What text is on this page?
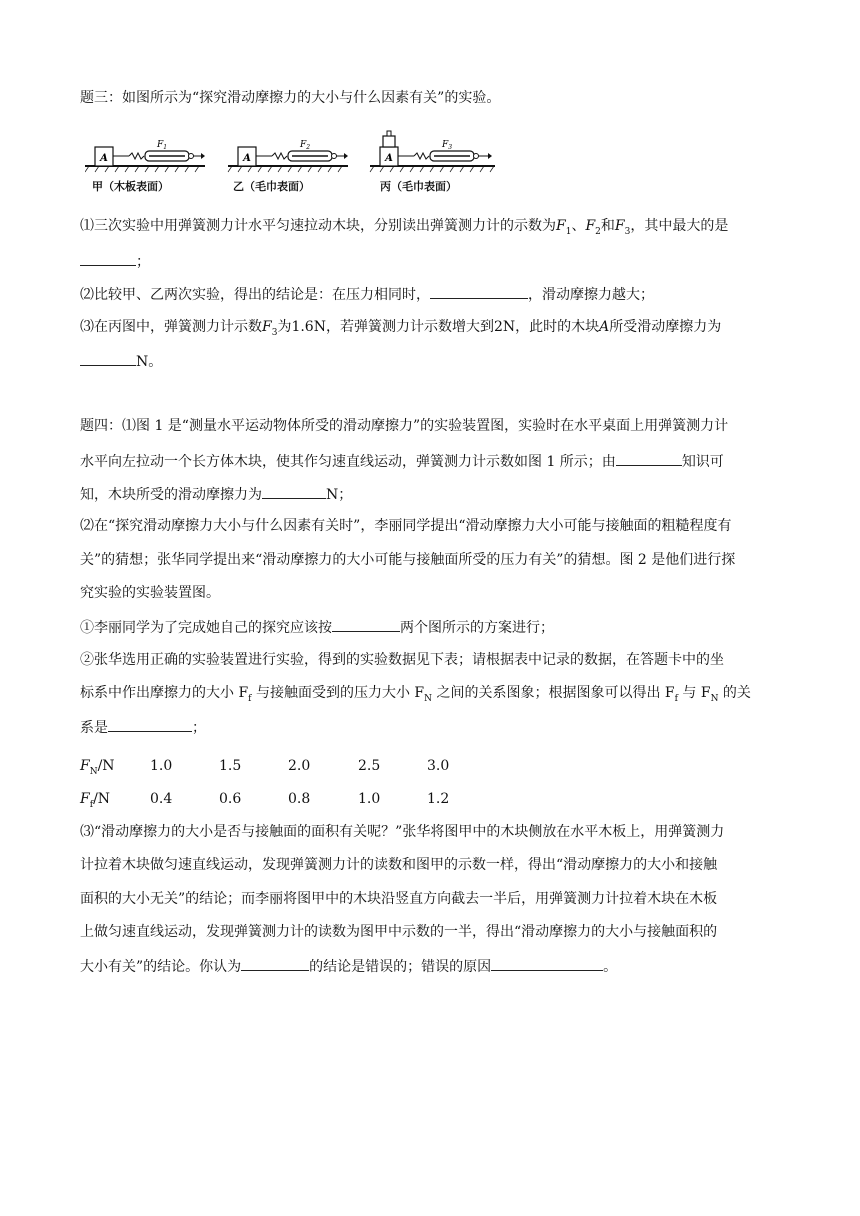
题三：如图所示为“探究滑动摩擦力的大小与什么因素有关”的实验。
A
$F_1$
A
$F_2$
A
$F_3$
甲（木板表面）	乙（毛巾表面）	丙（毛巾表面）
⑴三次实验中用弹簧测力计水平匀速拉动木块，分别读出弹簧测力计的示数为$F_1$、$F_2$和$F_3$，其中最大的是
；
⑵比较甲、乙两次实验，得出的结论是：在压力相同时，	，滑动摩擦力越大；
⑶在丙图中，弹簧测力计示数$F_3$为1.6N，若弹簧测力计示数增大到2N，此时的木块A所受滑动摩擦力为
N。
题四：⑴图 1 是“测量水平运动物体所受的滑动摩擦力”的实验装置图，实验时在水平桌面上用弹簧测力计
水平向左拉动一个长方体木块，使其作匀速直线运动，弹簧测力计示数如图 1 所示；由	知识可
知，木块所受的滑动摩擦力为	N；
⑵在“探究滑动摩擦力大小与什么因素有关时”，李丽同学提出“滑动摩擦力大小可能与接触面的粗糙程度有
关”的猜想；张华同学提出来“滑动摩擦力的大小可能与接触面所受的压力有关”的猜想。图 2 是他们进行探
究实验的实验装置图。
①李丽同学为了完成她自己的探究应该按	两个图所示的方案进行；
②张华选用正确的实验装置进行实验，得到的实验数据见下表；请根据表中记录的数据，在答题卡中的坐
标系中作出摩擦力的大小 $F_f$ 与接触面受到的压力大小 $F_N$ 之间的关系图象；根据图象可以得出 $F_f$ 与 $F_N$ 的关
系是	；
$F_N/N$	1.0	1.5	2.0	2.5	3.0
$F_f/N$	0.4	0.6	0.8	1.0	1.2
⑶“滑动摩擦力的大小是否与接触面的面积有关呢？”张华将图甲中的木块侧放在水平木板上，用弹簧测力
计拉着木块做匀速直线运动，发现弹簧测力计的读数和图甲的示数一样，得出“滑动摩擦力的大小和接触
面积的大小无关”的结论；而李丽将图甲中的木块沿竖直方向截去一半后，用弹簧测力计拉着木块在木板
上做匀速直线运动，发现弹簧测力计的读数为图甲中示数的一半，得出“滑动摩擦力的大小与接触面积的
大小有关”的结论。你认为	的结论是错误的；错误的原因	。
